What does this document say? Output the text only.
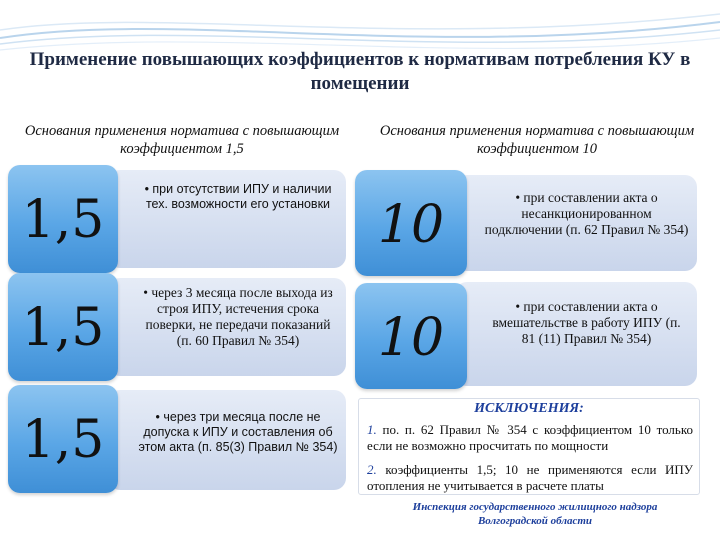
Применение повышающих коэффициентов к нормативам потребления КУ в помещении
Основания применения норматива с повышающим коэффициентом 1,5
1,5
• при отсутствии ИПУ и наличии тех. возможности его установки
1,5
• через 3 месяца после выхода из строя ИПУ, истечения срока поверки, не передачи показаний (п. 60 Правил № 354)
1,5	• через три месяца после не допуска к ИПУ и составления об этом акта (п. 85(3) Правил № 354)
Основания применения норматива с повышающим коэффициентом 10
10	• при составлении акта о несанкционированном подключении (п. 62 Правил № 354)
10
• при составлении акта о вмешательстве в работу ИПУ (п. 81 (11) Правил № 354)
ИСКЛЮЧЕНИЯ:
1. по. п. 62 Правил № 354 с коэффициентом 10 только если не возможно просчитать по мощности
2. коэффициенты 1,5; 10 не применяются если ИПУ отопления не учитывается в расчете платы
Инспекция государственного жилищного надзора
Волгоградской области
